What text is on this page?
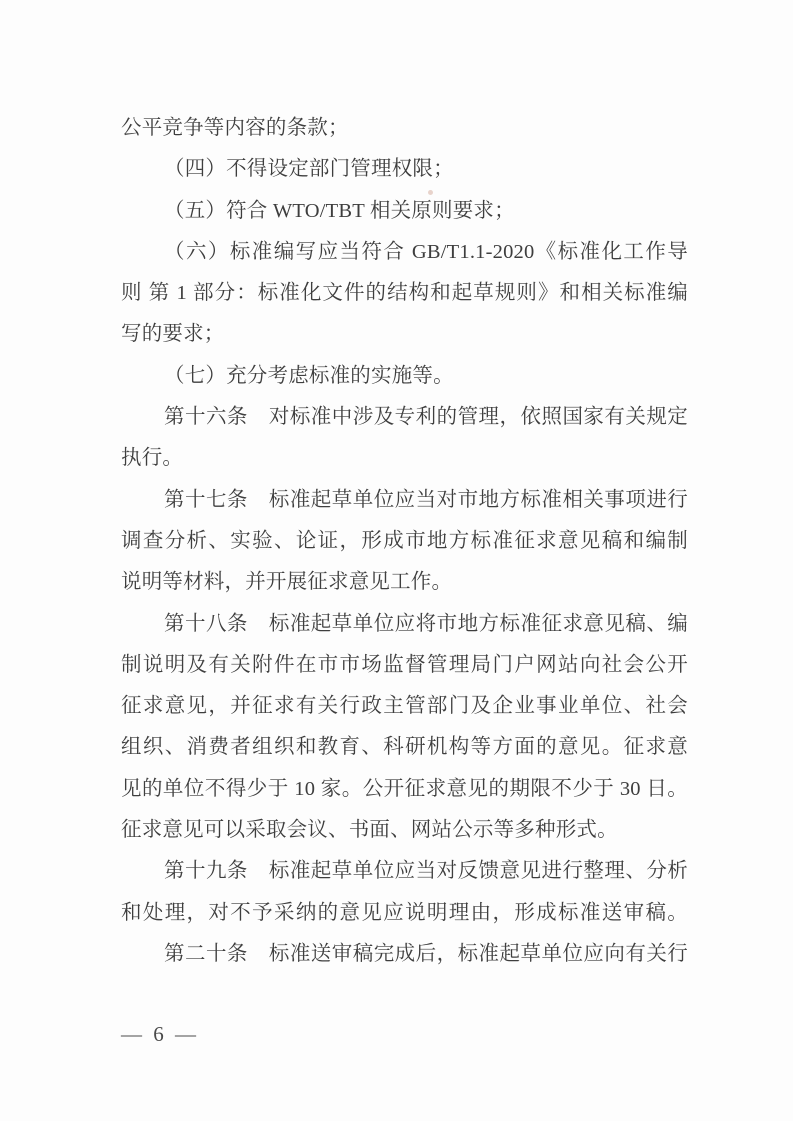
公平竞争等内容的条款；
（四）不得设定部门管理权限；
（五）符合 WTO/TBT 相关原则要求；
（六）标准编写应当符合 GB/T1.1-2020《标准化工作导
则 第 1 部分：标准化文件的结构和起草规则》和相关标准编
写的要求；
（七）充分考虑标准的实施等。
第十六条　对标准中涉及专利的管理，依照国家有关规定
执行。
第十七条　标准起草单位应当对市地方标准相关事项进行
调查分析、实验、论证，形成市地方标准征求意见稿和编制
说明等材料，并开展征求意见工作。
第十八条　标准起草单位应将市地方标准征求意见稿、编
制说明及有关附件在市市场监督管理局门户网站向社会公开
征求意见，并征求有关行政主管部门及企业事业单位、社会
组织、消费者组织和教育、科研机构等方面的意见。征求意
见的单位不得少于 10 家。公开征求意见的期限不少于 30 日。
征求意见可以采取会议、书面、网站公示等多种形式。
第十九条　标准起草单位应当对反馈意见进行整理、分析
和处理，对不予采纳的意见应说明理由，形成标准送审稿。
第二十条　标准送审稿完成后，标准起草单位应向有关行
— 6 —
